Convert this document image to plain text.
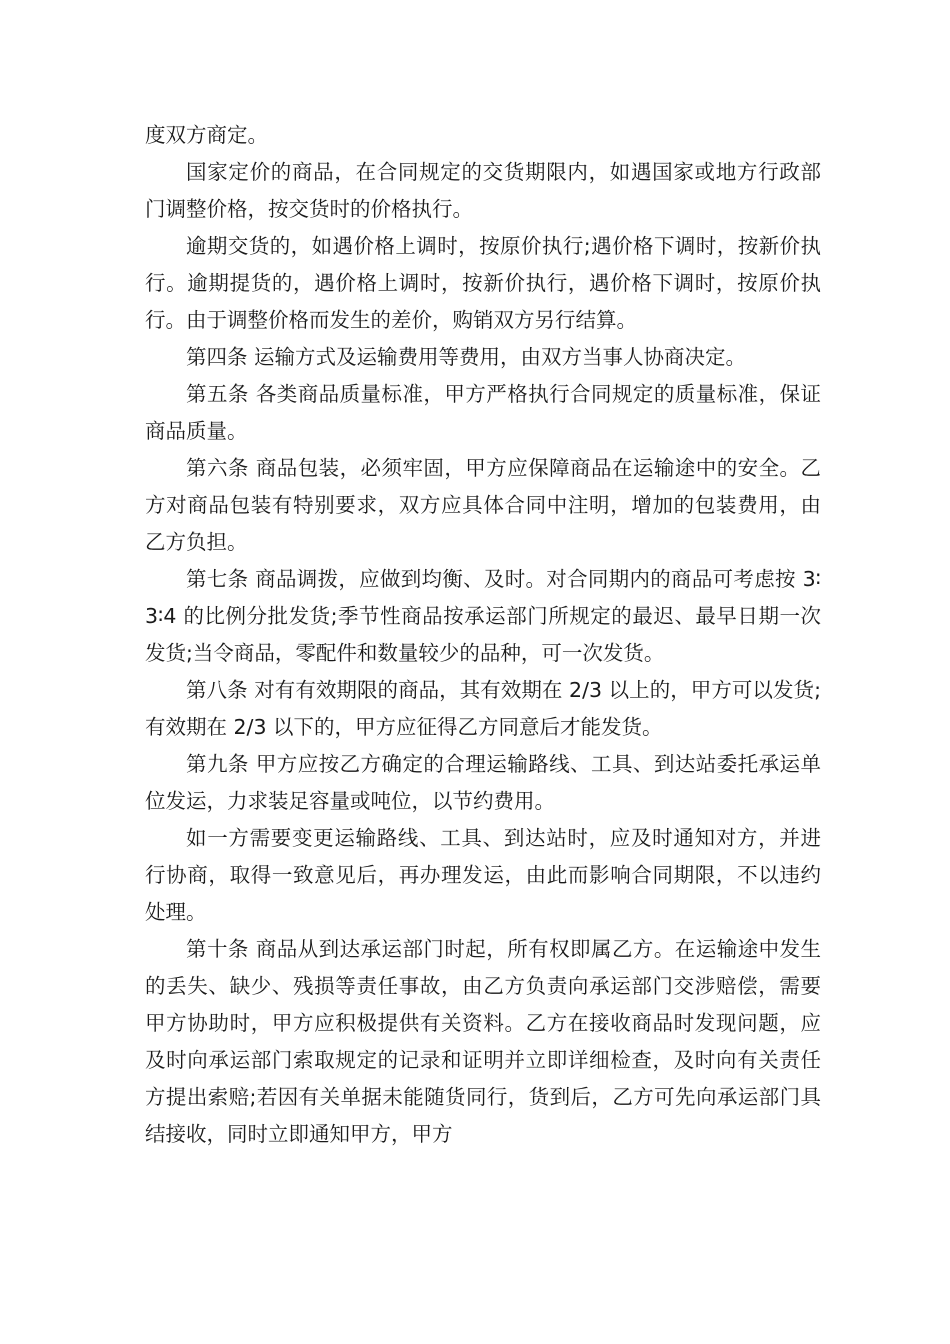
度双方商定。

国家定价的商品，在合同规定的交货期限内，如遇国家或地方行政部门调整价格，按交货时的价格执行。

逾期交货的，如遇价格上调时，按原价执行;遇价格下调时，按新价执行。逾期提货的，遇价格上调时，按新价执行，遇价格下调时，按原价执行。由于调整价格而发生的差价，购销双方另行结算。

第四条 运输方式及运输费用等费用，由双方当事人协商决定。

第五条 各类商品质量标准，甲方严格执行合同规定的质量标准，保证商品质量。

第六条 商品包装，必须牢固，甲方应保障商品在运输途中的安全。乙方对商品包装有特别要求，双方应具体合同中注明，增加的包装费用，由乙方负担。

第七条 商品调拨，应做到均衡、及时。对合同期内的商品可考虑按 3∶3∶4 的比例分批发货;季节性商品按承运部门所规定的最迟、最早日期一次发货;当令商品，零配件和数量较少的品种，可一次发货。

第八条 对有有效期限的商品，其有效期在 2/3 以上的，甲方可以发货;有效期在 2/3 以下的，甲方应征得乙方同意后才能发货。

第九条 甲方应按乙方确定的合理运输路线、工具、到达站委托承运单位发运，力求装足容量或吨位，以节约费用。

如一方需要变更运输路线、工具、到达站时，应及时通知对方，并进行协商，取得一致意见后，再办理发运，由此而影响合同期限，不以违约处理。

第十条 商品从到达承运部门时起，所有权即属乙方。在运输途中发生的丢失、缺少、残损等责任事故，由乙方负责向承运部门交涉赔偿，需要甲方协助时，甲方应积极提供有关资料。乙方在接收商品时发现问题，应及时向承运部门索取规定的记录和证明并立即详细检查，及时向有关责任方提出索赔;若因有关单据未能随货同行，货到后，乙方可先向承运部门具结接收，同时立即通知甲方，甲方
